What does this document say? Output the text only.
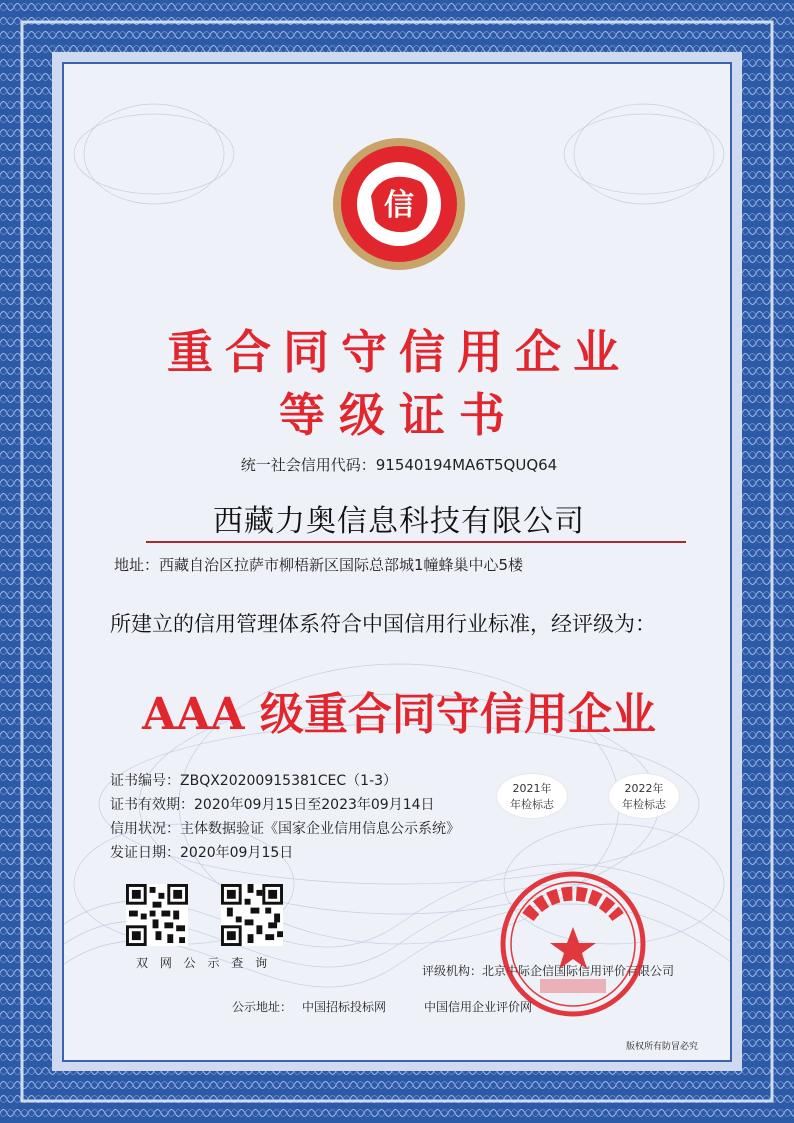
信
重合同守信用企业
等级证书
统一社会信用代码：91540194MA6T5QUQ64
西藏力奥信息科技有限公司
地址：西藏自治区拉萨市柳梧新区国际总部城1幢蜂巢中心5楼
所建立的信用管理体系符合中国信用行业标准，经评级为：
AAA 级重合同守信用企业
证书编号：ZBQX20200915381CEC（1-3）
证书有效期：2020年09月15日至2023年09月14日
信用状况：主体数据验证《国家企业信用信息公示系统》
发证日期：2020年09月15日
2021年
年检标志
2022年
年检标志
双 网 公 示 查 询
评级机构：北京中际企信国际信用评价有限公司
公示地址： 中国招标投标网	中国信用企业评价网
版权所有防冒必究
